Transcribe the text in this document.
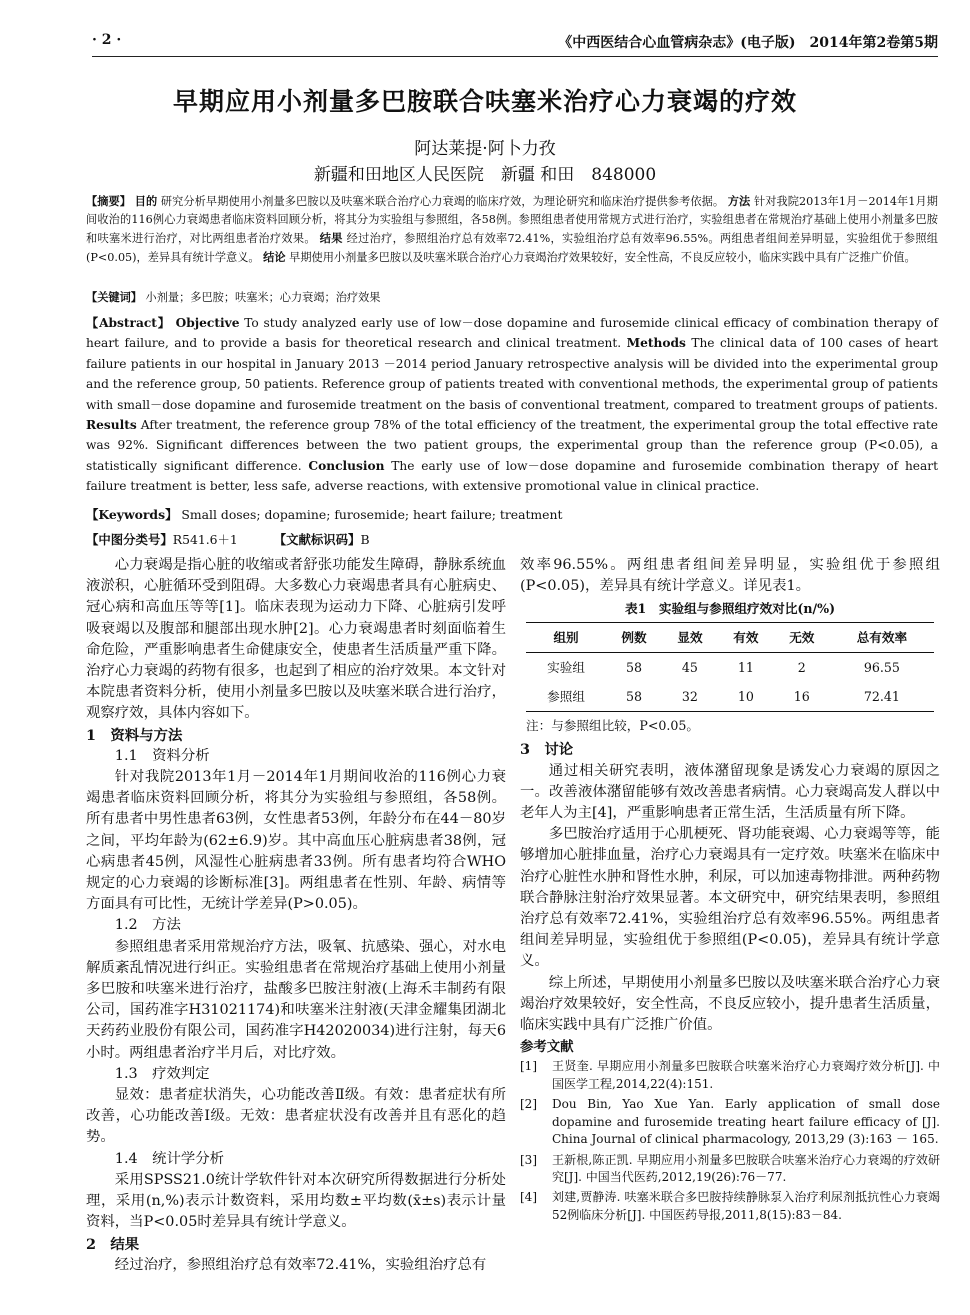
· 2 ·	《中西医结合心血管病杂志》(电子版)　2014年第2卷第5期
早期应用小剂量多巴胺联合呋塞米治疗心力衰竭的疗效
阿达莱提·阿卜力孜
新疆和田地区人民医院　新疆 和田　848000
【摘要】 目的 研究分析早期使用小剂量多巴胺以及呋塞米联合治疗心力衰竭的临床疗效，为理论研究和临床治疗提供参考依据。 方法 针对我院2013年1月－2014年1月期间收治的116例心力衰竭患者临床资料回顾分析，将其分为实验组与参照组，各58例。参照组患者使用常规方式进行治疗，实验组患者在常规治疗基础上使用小剂量多巴胺和呋塞米进行治疗，对比两组患者治疗效果。 结果 经过治疗，参照组治疗总有效率72.41%，实验组治疗总有效率96.55%。两组患者组间差异明显，实验组优于参照组(P<0.05)，差异具有统计学意义。 结论 早期使用小剂量多巴胺以及呋塞米联合治疗心力衰竭治疗效果较好，安全性高，不良反应较小，临床实践中具有广泛推广价值。
【关键词】 小剂量；多巴胺；呋塞米；心力衰竭；治疗效果
【Abstract】 Objective To study analyzed early use of low－dose dopamine and furosemide clinical efficacy of combination therapy of heart failure, and to provide a basis for theoretical research and clinical treatment. Methods The clinical data of 100 cases of heart failure patients in our hospital in January 2013 －2014 period January retrospective analysis will be divided into the experimental group and the reference group, 50 patients. Reference group of patients treated with conventional methods, the experimental group of patients with small－dose dopamine and furosemide treatment on the basis of conventional treatment, compared to treatment groups of patients. Results After treatment, the reference group 78% of the total efficiency of the treatment, the experimental group the total effective rate was 92%. Significant differences between the two patient groups, the experimental group than the reference group (P<0.05), a statistically significant difference. Conclusion The early use of low－dose dopamine and furosemide combination therapy of heart failure treatment is better, less safe, adverse reactions, with extensive promotional value in clinical practice.
【Keywords】 Small doses; dopamine; furosemide; heart failure; treatment
【中图分类号】R541.6＋1	【文献标识码】B

心力衰竭是指心脏的收缩或者舒张功能发生障碍，静脉系统血液淤积，心脏循环受到阻碍。大多数心力衰竭患者具有心脏病史、冠心病和高血压等等[1]。临床表现为运动力下降、心脏病引发呼吸衰竭以及腹部和腿部出现水肿[2]。心力衰竭患者时刻面临着生命危险，严重影响患者生命健康安全，使患者生活质量严重下降。治疗心力衰竭的药物有很多，也起到了相应的治疗效果。本文针对本院患者资料分析，使用小剂量多巴胺以及呋塞米联合进行治疗，观察疗效，具体内容如下。

1　资料与方法
1.1　资料分析

针对我院2013年1月－2014年1月期间收治的116例心力衰竭患者临床资料回顾分析，将其分为实验组与参照组，各58例。所有患者中男性患者63例，女性患者53例，年龄分布在44－80岁之间，平均年龄为(62±6.9)岁。其中高血压心脏病患者38例，冠心病患者45例，风湿性心脏病患者33例。所有患者均符合WHO规定的心力衰竭的诊断标准[3]。两组患者在性别、年龄、病情等方面具有可比性，无统计学差异(P>0.05)。

1.2　方法

参照组患者采用常规治疗方法，吸氧、抗感染、强心，对水电解质紊乱情况进行纠正。实验组患者在常规治疗基础上使用小剂量多巴胺和呋塞米进行治疗，盐酸多巴胺注射液(上海禾丰制药有限公司，国药准字H31021174)和呋塞米注射液(天津金耀集团湖北天药药业股份有限公司，国药准字H42020034)进行注射，每天6小时。两组患者治疗半月后，对比疗效。

1.3　疗效判定

显效：患者症状消失，心功能改善Ⅱ级。有效：患者症状有所改善，心功能改善Ⅰ级。无效：患者症状没有改善并且有恶化的趋势。

1.4　统计学分析

采用SPSS21.0统计学软件针对本次研究所得数据进行分析处理，采用(n,%)表示计数资料，采用均数±平均数(x̄±s)表示计量资料，当P<0.05时差异具有统计学意义。

2　结果

经过治疗，参照组治疗总有效率72.41%，实验组治疗总有

效率96.55%。两组患者组间差异明显，实验组优于参照组(P<0.05)，差异具有统计学意义。详见表1。

表1　实验组与参照组疗效对比(n/%)
组别	例数	显效	有效	无效	总有效率
实验组	58	45	11	2	96.55
参照组	58	32	10	16	72.41
注：与参照组比较，P<0.05。
3　讨论

通过相关研究表明，液体潴留现象是诱发心力衰竭的原因之一。改善液体潴留能够有效改善患者病情。心力衰竭高发人群以中老年人为主[4]，严重影响患者正常生活，生活质量有所下降。

多巴胺治疗适用于心肌梗死、肾功能衰竭、心力衰竭等等，能够增加心脏排血量，治疗心力衰竭具有一定疗效。呋塞米在临床中治疗心脏性水肿和肾性水肿，利尿，可以加速毒物排泄。两种药物联合静脉注射治疗效果显著。本文研究中，研究结果表明，参照组治疗总有效率72.41%，实验组治疗总有效率96.55%。两组患者组间差异明显，实验组优于参照组(P<0.05)，差异具有统计学意义。

综上所述，早期使用小剂量多巴胺以及呋塞米联合治疗心力衰竭治疗效果较好，安全性高，不良反应较小，提升患者生活质量，临床实践中具有广泛推广价值。

参考文献
[1]	王贤奎. 早期应用小剂量多巴胺联合呋塞米治疗心力衰竭疗效分析[J]. 中国医学工程,2014,22(4):151.
[2]	Dou Bin, Yao Xue Yan. Early application of small dose dopamine and furosemide treating heart failure efficacy of [J]. China Journal of clinical pharmacology, 2013,29 (3):163 － 165.
[3]	王新根,陈正凯. 早期应用小剂量多巴胺联合呋塞米治疗心力衰竭的疗效研究[J]. 中国当代医药,2012,19(26):76－77.
[4]	刘建,贾静涛. 呋塞米联合多巴胺持续静脉泵入治疗利尿剂抵抗性心力衰竭52例临床分析[J]. 中国医药导报,2011,8(15):83－84.
